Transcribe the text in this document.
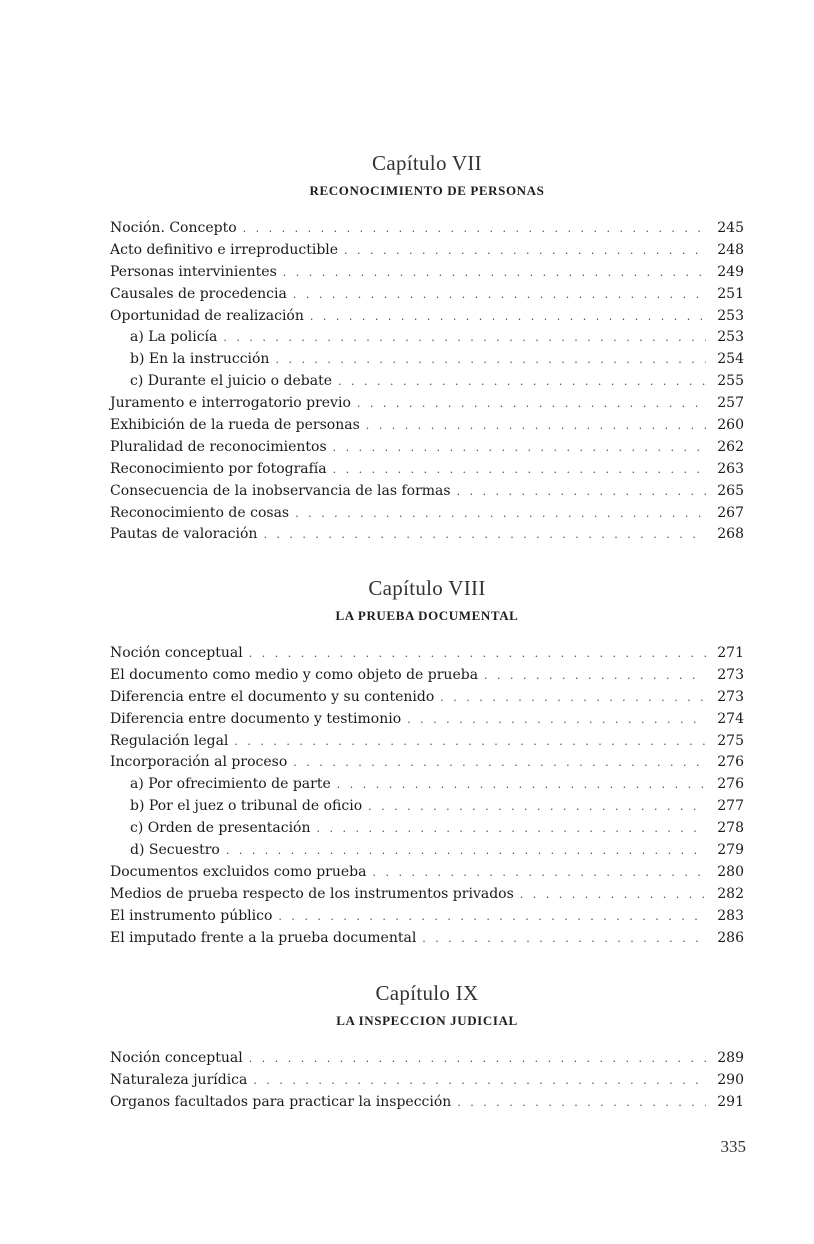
Capítulo VII
RECONOCIMIENTO DE PERSONAS
Noción. Concepto . . .	245
Acto definitivo e irreproductible . . .	248
Personas intervinientes . . .	249
Causales de procedencia . . .	251
Oportunidad de realización . . .	253
a) La policía . . .	253
b) En la instrucción . . .	254
c) Durante el juicio o debate . . .	255
Juramento e interrogatorio previo . . .	257
Exhibición de la rueda de personas . . .	260
Pluralidad de reconocimientos . . .	262
Reconocimiento por fotografía . . .	263
Consecuencia de la inobservancia de las formas . . .	265
Reconocimiento de cosas . . .	267
Pautas de valoración . . .	268
Capítulo VIII
LA PRUEBA DOCUMENTAL
Noción conceptual . . .	271
El documento como medio y como objeto de prueba . . .	273
Diferencia entre el documento y su contenido . . .	273
Diferencia entre documento y testimonio . . .	274
Regulación legal . . .	275
Incorporación al proceso . . .	276
a) Por ofrecimiento de parte . . .	276
b) Por el juez o tribunal de oficio . . .	277
c) Orden de presentación . . .	278
d) Secuestro . . .	279
Documentos excluidos como prueba . . .	280
Medios de prueba respecto de los instrumentos privados . . .	282
El instrumento público . . .	283
El imputado frente a la prueba documental . . .	286
Capítulo IX
LA INSPECCION JUDICIAL
Noción conceptual . . .	289
Naturaleza jurídica . . .	290
Organos facultados para practicar la inspección . . .	291
335
